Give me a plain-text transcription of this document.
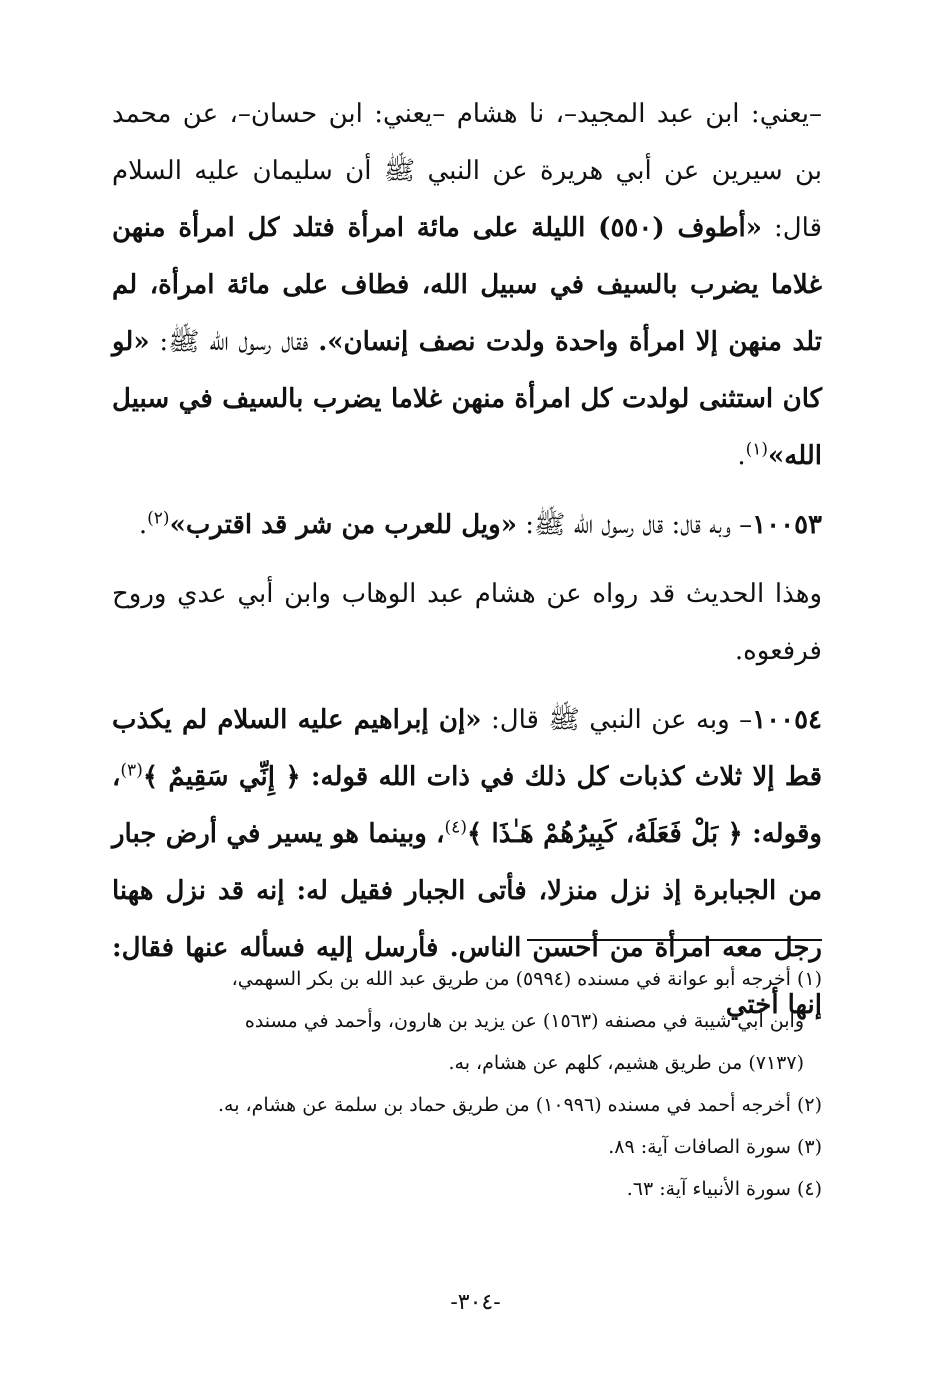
–يعني: ابن عبد المجيد–، نا هشام –يعني: ابن حسان–، عن محمد بن سيرين عن أبي هريرة عن النبي ﷺ أن سليمان عليه السلام قال: «أطوف (٥٥٠) الليلة على مائة امرأة فتلد كل امرأة منهن غلاما يضرب بالسيف في سبيل الله، فطاف على مائة امرأة، لم تلد منهن إلا امرأة واحدة ولدت نصف إنسان». فقال رسول الله ﷺ: «لو كان استثنى لولدت كل امرأة منهن غلاما يضرب بالسيف في سبيل الله»$^{(١)}$.

١٠٠٥٣– وبه قال: قال رسول الله ﷺ: «ويل للعرب من شر قد اقترب»$^{(٢)}$.

وهذا الحديث قد رواه عن هشام عبد الوهاب وابن أبي عدي وروح فرفعوه.

١٠٠٥٤– وبه عن النبي ﷺ قال: «إن إبراهيم عليه السلام لم يكذب قط إلا ثلاث كذبات كل ذلك في ذات الله قوله: ﴿ إِنِّي سَقِيمٌ ﴾$^{(٣)}$، وقوله: ﴿ بَلْ فَعَلَهُ، كَبِيرُهُمْ هَـٰذَا ﴾$^{(٤)}$، وبينما هو يسير في أرض جبار من الجبابرة إذ نزل منزلا، فأتى الجبار فقيل له: إنه قد نزل ههنا رجل معه امرأة من أحسن الناس. فأرسل إليه فسأله عنها فقال: إنها أختي

(١) أخرجه أبو عوانة في مسنده (٥٩٩٤) من طريق عبد الله بن بكر السهمي،

وابن أبي شيبة في مصنفه (١٥٦٣) عن يزيد بن هارون، وأحمد في مسنده

(٧١٣٧) من طريق هشيم، كلهم عن هشام، به.

(٢) أخرجه أحمد في مسنده (١٠٩٩٦) من طريق حماد بن سلمة عن هشام، به.

(٣) سورة الصافات آية: ٨٩.

(٤) سورة الأنبياء آية: ٦٣.

-٣٠٤-
